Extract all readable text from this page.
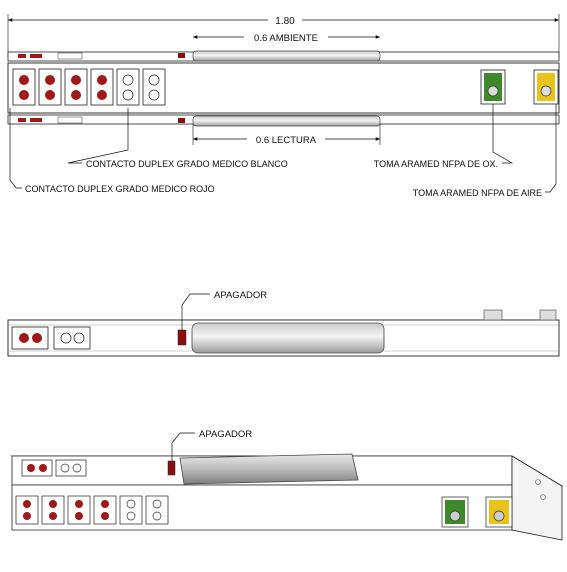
1.80
0.6 AMBIENTE
0.6 LECTURA
CONTACTO DUPLEX GRADO MEDICO BLANCO
CONTACTO DUPLEX GRADO MEDICO ROJO
TOMA ARAMED NFPA DE OX.
TOMA ARAMED NFPA DE AIRE
APAGADOR
APAGADOR
